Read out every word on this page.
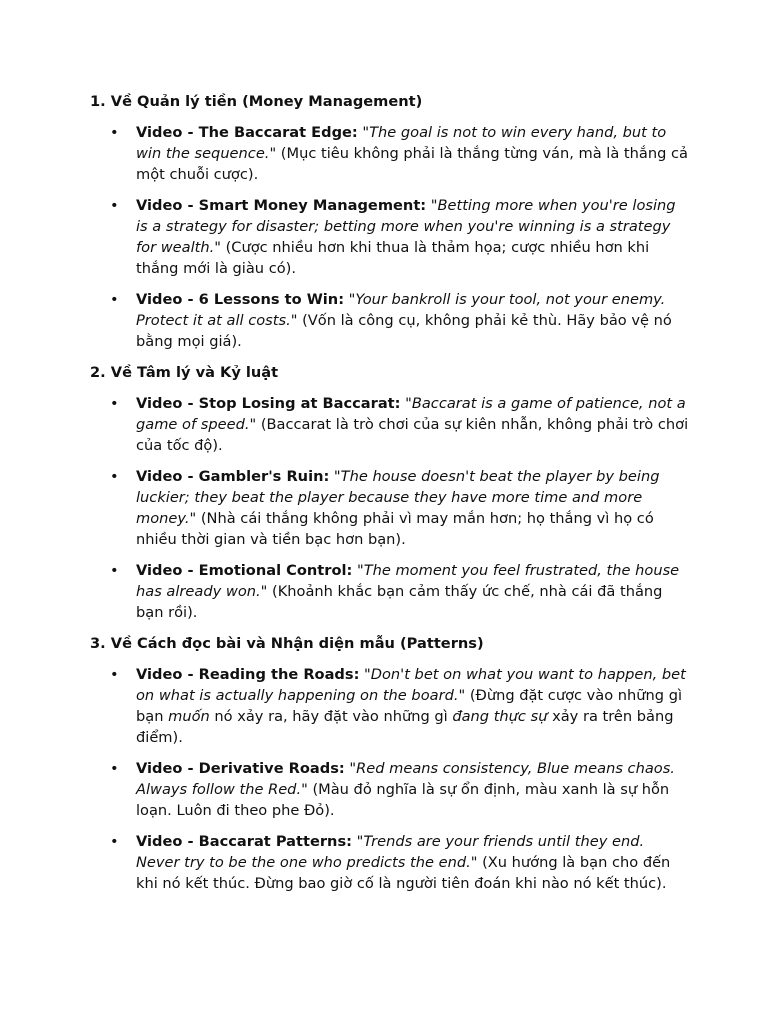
1. Về Quản lý tiền (Money Management)
• Video - The Baccarat Edge: "The goal is not to win every hand, but to win the sequence." (Mục tiêu không phải là thắng từng ván, mà là thắng cả một chuỗi cược).
• Video - Smart Money Management: "Betting more when you're losing is a strategy for disaster; betting more when you're winning is a strategy for wealth." (Cược nhiều hơn khi thua là thảm họa; cược nhiều hơn khi thắng mới là giàu có).
• Video - 6 Lessons to Win: "Your bankroll is your tool, not your enemy. Protect it at all costs." (Vốn là công cụ, không phải kẻ thù. Hãy bảo vệ nó bằng mọi giá).
2. Về Tâm lý và Kỷ luật
• Video - Stop Losing at Baccarat: "Baccarat is a game of patience, not a game of speed." (Baccarat là trò chơi của sự kiên nhẫn, không phải trò chơi của tốc độ).
• Video - Gambler's Ruin: "The house doesn't beat the player by being luckier; they beat the player because they have more time and more money." (Nhà cái thắng không phải vì may mắn hơn; họ thắng vì họ có nhiều thời gian và tiền bạc hơn bạn).
• Video - Emotional Control: "The moment you feel frustrated, the house has already won." (Khoảnh khắc bạn cảm thấy ức chế, nhà cái đã thắng bạn rồi).
3. Về Cách đọc bài và Nhận diện mẫu (Patterns)
• Video - Reading the Roads: "Don't bet on what you want to happen, bet on what is actually happening on the board." (Đừng đặt cược vào những gì bạn muốn nó xảy ra, hãy đặt vào những gì đang thực sự xảy ra trên bảng điểm).
• Video - Derivative Roads: "Red means consistency, Blue means chaos. Always follow the Red." (Màu đỏ nghĩa là sự ổn định, màu xanh là sự hỗn loạn. Luôn đi theo phe Đỏ).
• Video - Baccarat Patterns: "Trends are your friends until they end. Never try to be the one who predicts the end." (Xu hướng là bạn cho đến khi nó kết thúc. Đừng bao giờ cố là người tiên đoán khi nào nó kết thúc).
